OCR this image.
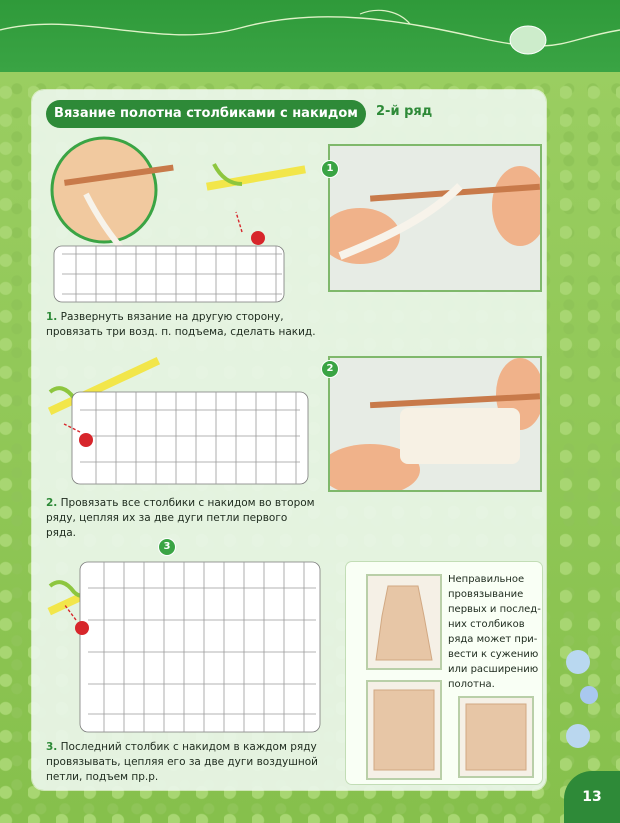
Вязание полотна столбиками с накидом	2-й ряд
1
1. Развернуть вязание на другую сторону, провязать три возд. п. подъема, сделать накид.
2
2. Провязать все столбики с накидом во втором ряду, цепляя их за две дуги петли первого ряда.
3
3. Последний столбик с накидом в каждом ряду провязывать, цепляя его за две дуги воздушной петли, подъем пр.р.
Неправильное
провязывание
первых и послед-
них столбиков
ряда может при-
вести к сужению
или расширению
полотна.
13
